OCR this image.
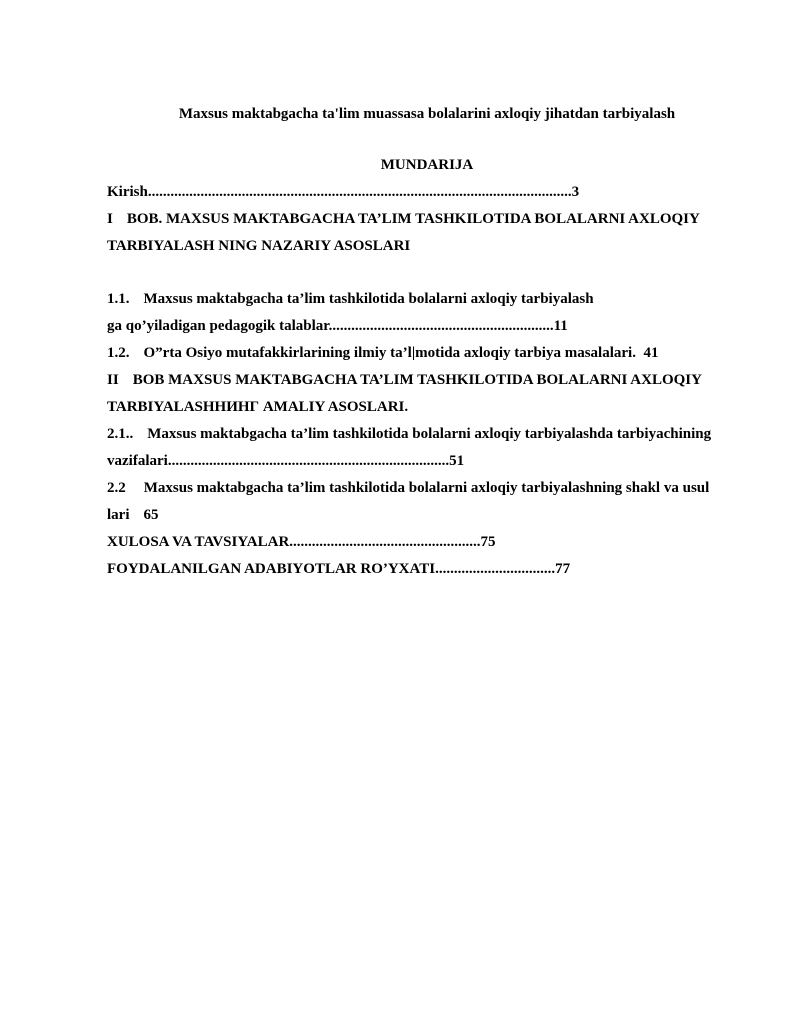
Maxsus maktabgacha ta'lim muassasa bolalarini axloqiy jihatdan tarbiyalash
MUNDARIJA
Kirish.................................................................................................................3
I BOB. MAXSUS MAKTABGACHA TA’LIM TASHKILOTIDA BOLALARNI AXLOQIY
TARBIYALASH NING NAZARIY ASOSLARI
1.1. Maxsus maktabgacha ta’lim tashkilotida bolalarni axloqiy tarbiyalash
ga qo’yiladigan pedagogik talablar............................................................11
1.2. O”rta Osiyo mutafakkirlarining ilmiy ta’l|motida axloqiy tarbiya masalalari. 41
II BOB MAXSUS MAKTABGACHA TA’LIM TASHKILOTIDA BOLALARNI AXLOQIY
TARBIYALASHНИНГ AMALIY ASOSLARI.
2.1.. Maxsus maktabgacha ta’lim tashkilotida bolalarni axloqiy tarbiyalashda tarbiyachining
vazifalari...........................................................................51
2.2 Maxsus maktabgacha ta’lim tashkilotida bolalarni axloqiy tarbiyalashning shakl va usul
lari 65
XULOSA VA TAVSIYALAR...................................................75
FOYDALANILGAN ADABIYOTLAR RO’YXATI................................77
